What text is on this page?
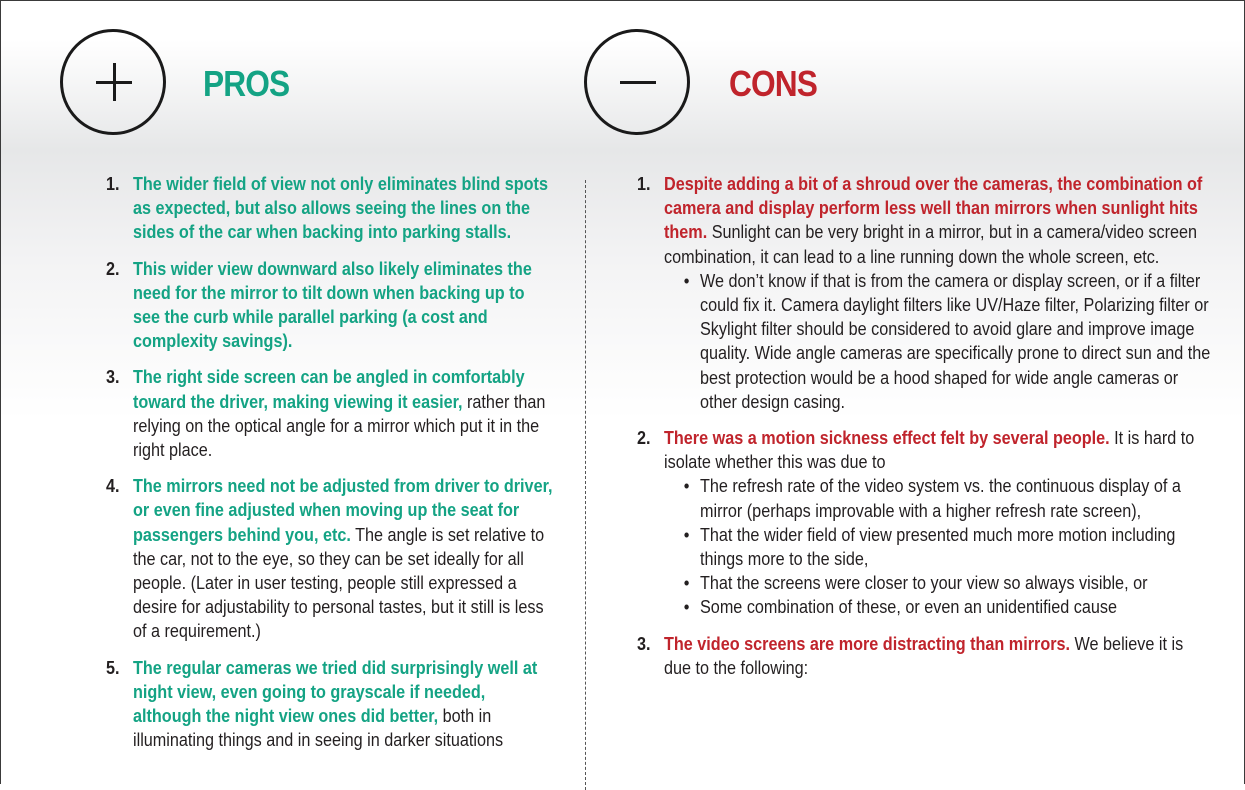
PROS	CONS
1. The wider field of view not only eliminates blind spots as expected, but also allows seeing the lines on the sides of the car when backing into parking stalls.
2. This wider view downward also likely eliminates the need for the mirror to tilt down when backing up to see the curb while parallel parking (a cost and complexity savings).
3. The right side screen can be angled in comfortably toward the driver, making viewing it easier, rather than relying on the optical angle for a mirror which put it in the right place.
4. The mirrors need not be adjusted from driver to driver, or even fine adjusted when moving up the seat for passengers behind you, etc. The angle is set relative to the car, not to the eye, so they can be set ideally for all people. (Later in user testing, people still expressed a desire for adjustability to personal tastes, but it still is less of a requirement.)
5. The regular cameras we tried did surprisingly well at night view, even going to grayscale if needed, although the night view ones did better, both in illuminating things and in seeing in darker situations
1. Despite adding a bit of a shroud over the cameras, the combination of camera and display perform less well than mirrors when sunlight hits them. Sunlight can be very bright in a mirror, but in a camera/video screen combination, it can lead to a line running down the whole screen, etc.
• We don’t know if that is from the camera or display screen, or if a filter could fix it. Camera daylight filters like UV/Haze filter, Polarizing filter or Skylight filter should be considered to avoid glare and improve image quality. Wide angle cameras are specifically prone to direct sun and the best protection would be a hood shaped for wide angle cameras or other design casing.
2. There was a motion sickness effect felt by several people. It is hard to isolate whether this was due to
• The refresh rate of the video system vs. the continuous display of a mirror (perhaps improvable with a higher refresh rate screen),
• That the wider field of view presented much more motion including things more to the side,
• That the screens were closer to your view so always visible, or
• Some combination of these, or even an unidentified cause
3. The video screens are more distracting than mirrors. We believe it is due to the following:
